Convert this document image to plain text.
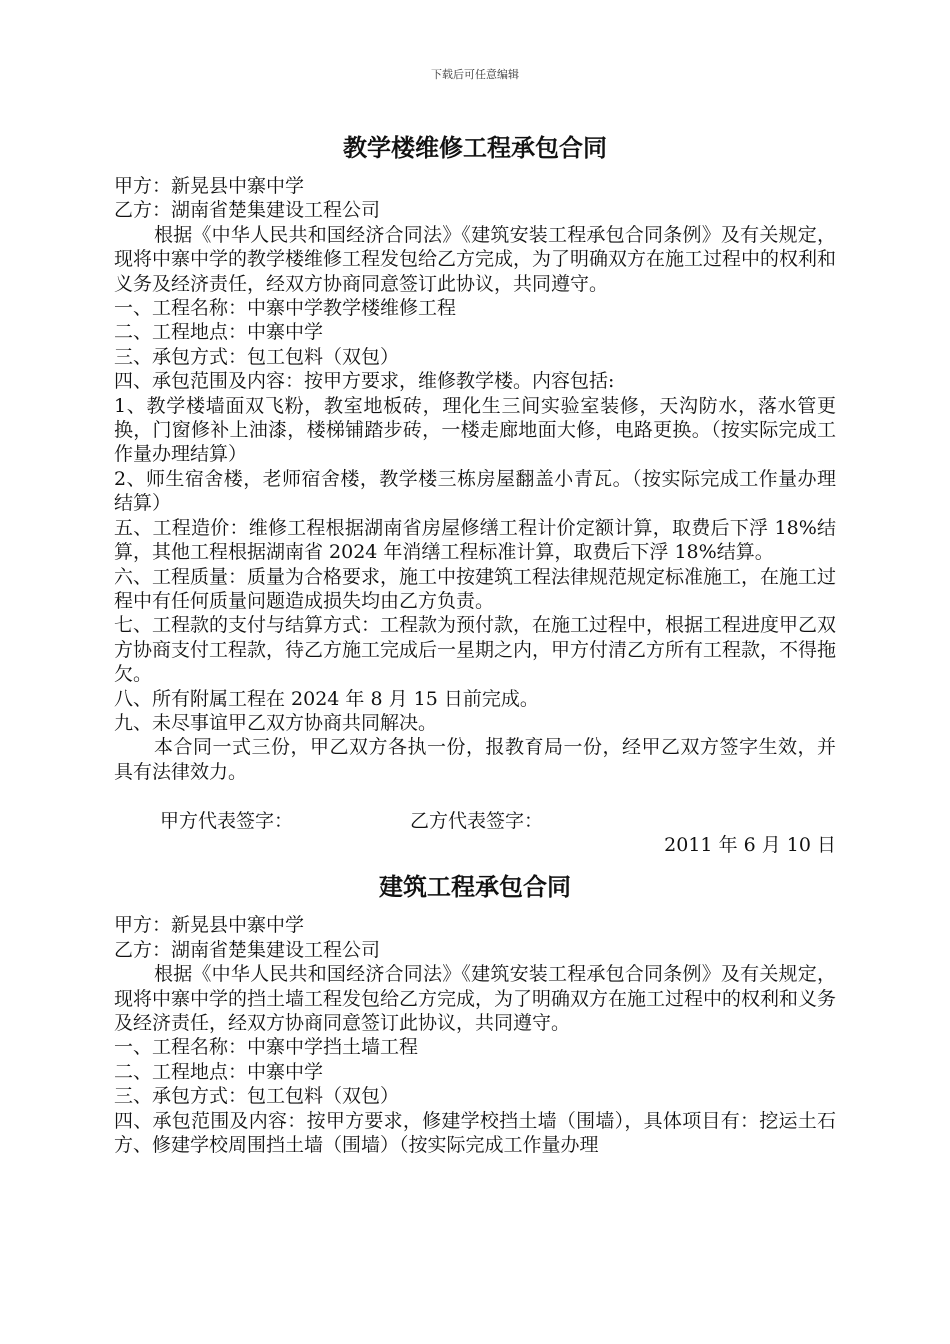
下载后可任意编辑
教学楼维修工程承包合同

甲方：新晃县中寨中学

乙方：湖南省楚集建设工程公司

根据《中华人民共和国经济合同法》《建筑安装工程承包合同条例》及有关规定，现将中寨中学的教学楼维修工程发包给乙方完成，为了明确双方在施工过程中的权利和义务及经济责任，经双方协商同意签订此协议，共同遵守。

一、工程名称：中寨中学教学楼维修工程

二、工程地点：中寨中学

三、承包方式：包工包料（双包）

四、承包范围及内容：按甲方要求，维修教学楼。内容包括:

1、教学楼墙面双飞粉，教室地板砖，理化生三间实验室装修，天沟防水，落水管更换，门窗修补上油漆，楼梯铺踏步砖，一楼走廊地面大修，电路更换。（按实际完成工作量办理结算）

2、师生宿舍楼，老师宿舍楼，教学楼三栋房屋翻盖小青瓦。（按实际完成工作量办理结算）

五、工程造价：维修工程根据湖南省房屋修缮工程计价定额计算，取费后下浮 18%结算，其他工程根据湖南省 2024 年消缮工程标准计算，取费后下浮 18%结算。

六、工程质量：质量为合格要求，施工中按建筑工程法律规范规定标准施工，在施工过程中有任何质量问题造成损失均由乙方负责。

七、工程款的支付与结算方式：工程款为预付款，在施工过程中，根据工程进度甲乙双方协商支付工程款，待乙方施工完成后一星期之内，甲方付清乙方所有工程款，不得拖欠。

八、所有附属工程在 2024 年 8 月 15 日前完成。

九、未尽事谊甲乙双方协商共同解决。

本合同一式三份，甲乙双方各执一份，报教育局一份，经甲乙双方签字生效，并具有法律效力。

甲方代表签字：	乙方代表签字：

2011 年 6 月 10 日

建筑工程承包合同

甲方：新晃县中寨中学

乙方：湖南省楚集建设工程公司

根据《中华人民共和国经济合同法》《建筑安装工程承包合同条例》及有关规定，现将中寨中学的挡土墙工程发包给乙方完成，为了明确双方在施工过程中的权利和义务及经济责任，经双方协商同意签订此协议，共同遵守。

一、工程名称：中寨中学挡土墙工程

二、工程地点：中寨中学

三、承包方式：包工包料（双包）

四、承包范围及内容：按甲方要求，修建学校挡土墙（围墙），具体项目有：挖运土石方、修建学校周围挡土墙（围墙）（按实际完成工作量办理
